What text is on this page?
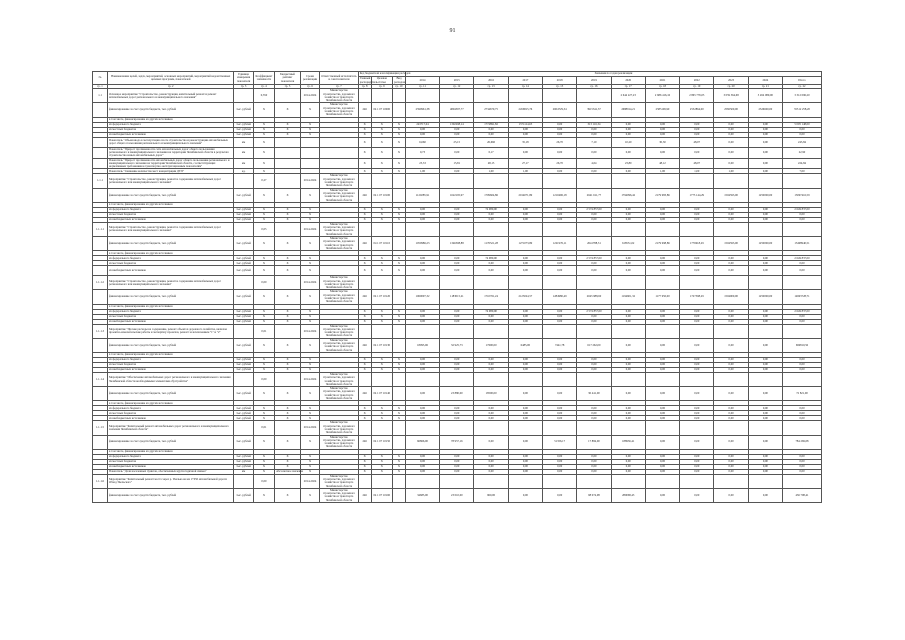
91
№	Наименование целей, задач, мероприятий, основных мероприятий, мероприятий ведомственных целевых программ, показателей	Единица измерения показателя	Коэффициент значимости	Бюджетный рейтинг показателя	Сроки реализации	Ответственный исполнитель и соисполнители	Код бюджетной классификации расходов			Значения по годам реализации											
							Главный распорядитель	Целевая статья	Вид расходов	2014	2015	2016	2017	2018	2019	2020	2021	2022	2023	2024	Итого
гр. 1	гр. 2	гр. 3	гр. 4	гр. 5	гр. 6	гр. 7	гр. 8	гр. 9	гр. 10	гр. 11	гр. 12	гр. 13	гр. 14	гр. 15	гр. 16	гр. 17	гр. 18	гр. 19	гр. 20	гр. 21	гр. 22
1.1	Основное мероприятие "Строительство, реконструкция, капитальный ремонт и ремонт автомобильных дорог регионального и межмуниципального значения"		0,350		2014-2024	Министерство строительства, дорожного хозяйства и транспорта Челябинской области										2 644 227,23	2 686 416,16	2 865 776,05	3 059 364,68	3 264 089,00	3 312 096,20
	финансирование за счет средств бюджета, тыс. рублей	тыс. рублей	X	X	X	Министерство строительства, дорожного хозяйства и транспорта Челябинской области	246	04 1 07 10000		2599961,38	4804597,77	2734670,75	2456815,76	2604729,34	3915341,37	2688914,21	2585109,90	2552864,00	2582500,00	2526600,00	35512 258,20
	в том числе, финансирование из других источников																				
	из федерального бюджета	тыс. рублей	X	X	X		X	X	X	243717,04	1302298,14	1774891,82	1371124,65	0,00	313 116,34	0,00	0,00	0,00	0,00	0,00	5 005 148,00
	из местных бюджетов	тыс. рублей	X	X	X		X	X	X	0,00	0,00	0,00	0,00	0,00	0,00	0,00	0,00	0,00	0,00	0,00	0,00
	из внебюджетных источников	тыс. рублей	X	X	X		X	X	X	0,00	0,00	0,00	0,00	0,00	0,00	0,00	0,00	0,00	0,00	0,00	0,00
	Показатель "Объем ввода в эксплуатацию после строительства и реконструкции автомобильных дорог общего пользования регионального и межмуниципального значения"	км	X				X	X	X	6,660	25,15	26,660	35,18	26,70	7,10	10,20	30,30	48,07	0,00	0,00	243,84
	Показатель "Прирост протяженности сети автомобильных дорог общего пользования регионального и межмуниципального значения на территории Челябинской области в результате строительства новых автомобильных дорог"	км	X				X	X	X	0,73	0,00	0,17	0,00	0,00	0,00	0,00	0,00	0,00	0,00	0,00	22,90
	Показатель "Прирост протяженности автомобильных дорог общего пользования регионального и межмуниципального значения на территории Челябинской области, соответствующих нормативным требованиям к транспортно-эксплуатационным показателям"	км	X				X	X	X	23,33	15,81	48,15	27,17	26,70	4,04	23,80	48,12	48,07	0,00	0,00	224,84
	Показатель "Снижение количества мест концентрации ДТП"	ед.	X				X	X	X	1,00	0,00	1,00	1,00	0,00	0,00	0,00	1,00	1,00	1,00	0,00	7,00
1.1.1	Мероприятие "Строительство, реконструкция, ремонт и содержание автомобильных дорог регионального или межмуниципального значения"		0,27		2014-2024	Министерство строительства, дорожного хозяйства и транспорта Челябинской области															
	финансирование за счет средств бюджета, тыс. рублей	тыс. рублей	X	X	X	Министерство строительства, дорожного хозяйства и транспорта Челябинской области	246	04 1 07 10100		1120285,91	1622195,97	1709604,86	2014071,89	1210496,18	2641 611,77	1794096,42	2179 983,86	1775 144,29	1504593,00	1250000,00	15097416,59
	в том числе, финансирование из других источников																				
	из федерального бюджета	тыс. рублей	X	X	X		X	X	X	0,00	0,00	74 980,00	0,00	0,00	2 574 857,00	0,00	0,00	0,00	0,00	0,00	2 649 837,00
	из местных бюджетов	тыс. рублей	X	X	X		X	X	X	0,00	0,00	0,00	0,00	0,00	0,00	0,00	0,00	0,00	0,00	0,00	0,00
	из внебюджетных источников	тыс. рублей	X	X	X		X	X	X	0,00	0,00	0,00	0,00	0,00	0,00	0,00	0,00	0,00	0,00	0,00	0,00
1.1.1.1	Мероприятие "Строительство, реконструкция, ремонт и содержание автомобильных дорог регионального или межмуниципального значения"		0,05		2014-2024	Министерство строительства, дорожного хозяйства и транспорта Челябинской области															
	финансирование за счет средств бюджета, тыс. рублей	тыс. рублей	X	X	X	Министерство строительства, дорожного хозяйства и транспорта Челябинской области	246	04 1 07 10110		1059986,23	1346508,88	1176521,28	1271073,89	1221976,11	2641788,31	618551,02	2179 998,86	1776918,29	1504593,00	1250000,00	15498940,51
	в том числе, финансирование из других источников																				
	из федерального бюджета	тыс. рублей	X	X	X		X	X	X	0,00	0,00	74 980,00	0,00	0,00	2 574 857,00	0,00	0,00	0,00	0,00	0,00	2 649 837,00
	из местных бюджетов	тыс. рублей	X	X	X		X	X	X	0,00	0,00	0,00	0,00	0,00	0,00	0,00	0,00	0,00	0,00	0,00	0,00
	из внебюджетных источников	тыс. рублей	X	X	X		X	X	X	0,00	0,00	0,00	0,00	0,00	0,00	0,00	0,00	0,00	0,00	0,00	0,00
1.1.1.2	Мероприятие "Строительство, реконструкция, ремонт и содержание автомобильных дорог регионального или межмуниципального значения"		0,00		2014-2024	Министерство строительства, дорожного хозяйства и транспорта Челябинской области															
	финансирование за счет средств бюджета, тыс. рублей	тыс. рублей	X	X	X	Министерство строительства, дорожного хозяйства и транспорта Челябинской области	246	04 1 07 10120		1060097,32	1183015,21	1710761,24	2125024,57	1284980,49	2043 988,60	1194601,32	1177 950,00	1727398,29	1504000,00	1250000,00	14993728,71
	в том числе, финансирование из других источников																				
	из федерального бюджета	тыс. рублей	X	X	X		X	X	X	0,00	0,00	74 980,00	0,00	0,00	2 574 857,00	0,00	0,00	0,00	0,00	0,00	2 649 837,00
	из местных бюджетов	тыс. рублей	X	X	X		X	X	X	0,00	0,00	0,00	0,00	0,00	0,00	0,00	0,00	0,00	0,00	0,00	0,00
	из внебюджетных источников	тыс. рублей	X	X	X		X	X	X	0,00	0,00	0,00	0,00	0,00	0,00	0,00	0,00	0,00	0,00	0,00	0,00
1.1.1.3	Мероприятие "Прочие расходы на содержание, ремонт объектов дорожного хозяйства, включая проектно-изыскательские работы и экспертизу проектов, ремонт за исключением "1" и "2"		0,01		2014-2024	Министерство строительства, дорожного хозяйства и транспорта Челябинской области															
	финансирование за счет средств бюджета, тыс. рублей	тыс. рублей	X	X	X	Министерство строительства, дорожного хозяйства и транспорта Челябинской области	246	04 1 07 10130		18095,96	32 925,73	17600,00	6485,00	7441,78	617 262,09	0,00	0,00	0,00	0,00	0,00	699810,56
	в том числе, финансирование из других источников																				
	из федерального бюджета	тыс. рублей	X	X	X		X	X	X	0,00	0,00	0,00	0,00	0,00	0,00	0,00	0,00	0,00	0,00	0,00	0,00
	из местных бюджетов	тыс. рублей	X	X	X		X	X	X	0,00	0,00	0,00	0,00	0,00	0,00	0,00	0,00	0,00	0,00	0,00	0,00
	из внебюджетных источников	тыс. рублей	X	X	X		X	X	X	0,00	0,00	0,00	0,00	0,00	0,00	0,00	0,00	0,00	0,00	0,00	0,00
1.1.1.4	Мероприятие "Обеспечение автомобильных дорог регионального и межмуниципального значения Челябинской области необходимыми элементами обустройства"		0,00		2014-2024	Министерство строительства, дорожного хозяйства и транспорта Челябинской области															
	финансирование за счет средств бюджета, тыс. рублей	тыс. рублей	X	X	X	Министерство строительства, дорожного хозяйства и транспорта Челябинской области	246	04 1 07 10140		0,00	23 880,00	18500,00	0,00	0,00	30 441,00	0,00	0,00	0,00	0,00	0,00	72 821,00
	в том числе, финансирование из других источников																				
	из федерального бюджета	тыс. рублей	X	X	X		X	X	X	0,00	0,00	0,00	0,00	0,00	0,00	0,00	0,00	0,00	0,00	0,00	0,00
	из местных бюджетов	тыс. рублей	X	X	X		X	X	X	0,00	0,00	0,00	0,00	0,00	0,00	0,00	0,00	0,00	0,00	0,00	0,00
	из внебюджетных источников	тыс. рублей	X	X	X		X	X	X	0,00	0,00	0,00	0,00	0,00	0,00	0,00	0,00	0,00	0,00	0,00	0,00
1.1.1.5	Мероприятие "Капитальный ремонт автомобильных дорог регионального и межмуниципального значения Челябинской области"		0,01		2014-2024	Министерство строительства, дорожного хозяйства и транспорта Челябинской области															
	финансирование за счет средств бюджета, тыс. рублей	тыс. рублей	X	X	X	Министерство строительства, дорожного хозяйства и транспорта Челябинской области	246	04 1 07 10150		66866,00	78 957,16	0,00	0,00	51356,17	17 884,00	188936,41	0,00	0,00	0,00	0,00	784 269,08
	в том числе, финансирование из других источников																				
	из федерального бюджета	тыс. рублей	X	X	X		X	X	X	0,00	0,00	0,00	0,00	0,00	0,00	0,00	0,00	0,00	0,00	0,00	0,00
	из местных бюджетов	тыс. рублей	X	X	X		X	X	X	0,00	0,00	0,00	0,00	0,00	0,00	0,00	0,00	0,00	0,00	0,00	0,00
	из внебюджетных источников	тыс. рублей	X	X	X		X	X	X	0,00	0,00	0,00	0,00	0,00	0,00	0,00	0,00	0,00	0,00	0,00	0,00
	Показатель "Доля населенных пунктов, обеспеченных круглогодичной связью"	км	X	Абсолютное значение	X		X	X	X	0,00	0,00	0,00	0,00	0,00	0,00	0,00	0,00	0,00	0,00	0,00	0,00
1.1.1.6	Мероприятие "Капитальный ремонт моста через р. Увелька на км 1+050 автомобильной дороги Обход Увельского"		0,00		2014-2024	Министерство строительства, дорожного хозяйства и транспорта Челябинской области															
	финансирование за счет средств бюджета, тыс. рублей	тыс. рублей	X	X	X	Министерство строительства, дорожного хозяйства и транспорта Челябинской области	246	04 1 07 10160		34685,00	23 010,00	960,00	0,00	0,00	98 074,98	280068,43	0,00	0,00	0,00	0,00	436 798,41
